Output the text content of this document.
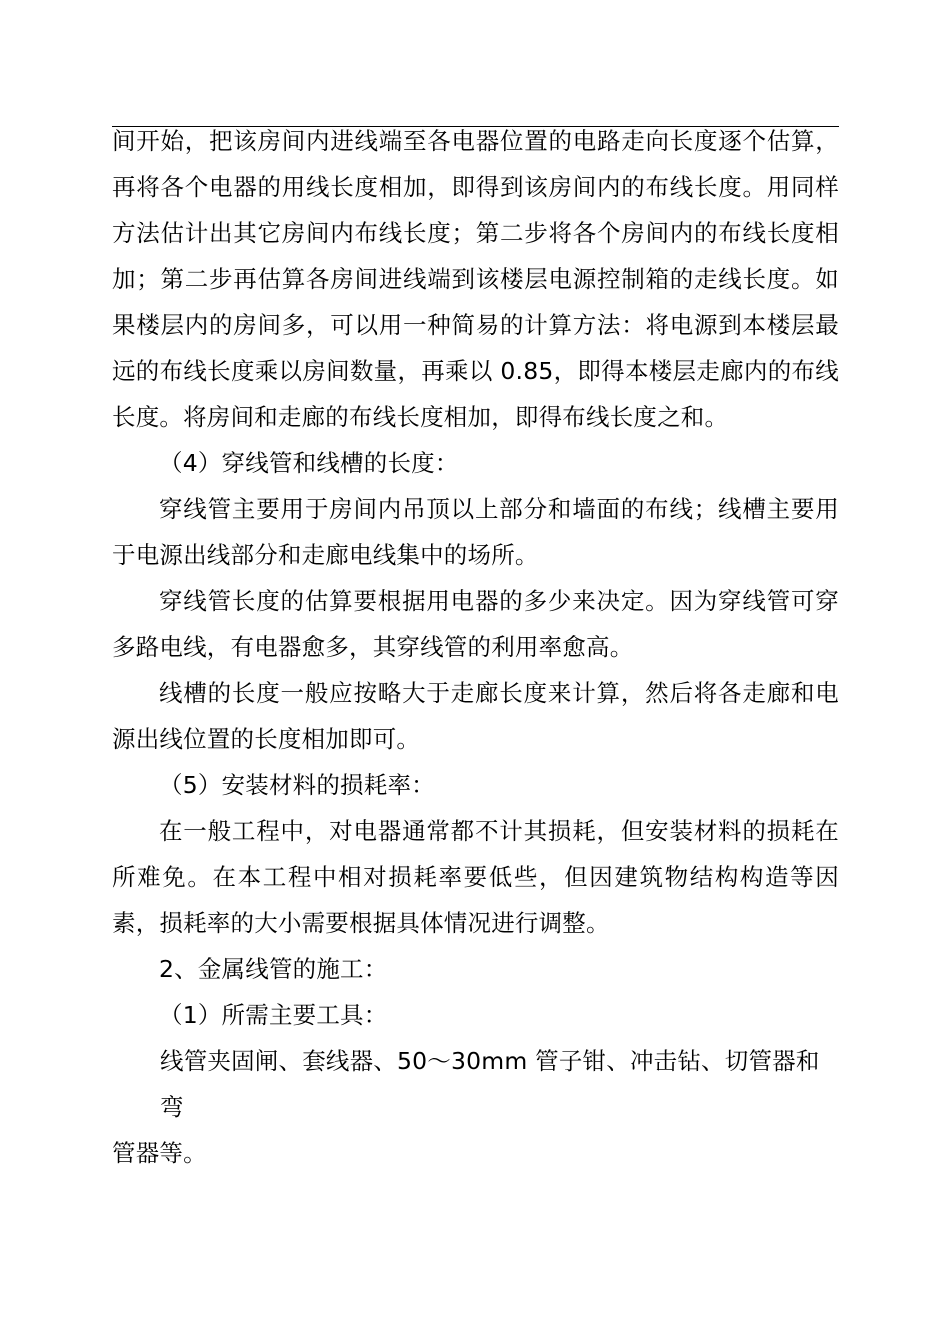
间开始，把该房间内进线端至各电器位置的电路走向长度逐个估算，再将各个电器的用线长度相加，即得到该房间内的布线长度。用同样方法估计出其它房间内布线长度；第二步将各个房间内的布线长度相加；第二步再估算各房间进线端到该楼层电源控制箱的走线长度。如果楼层内的房间多，可以用一种简易的计算方法：将电源到本楼层最远的布线长度乘以房间数量，再乘以 0.85，即得本楼层走廊内的布线长度。将房间和走廊的布线长度相加，即得布线长度之和。

（4）穿线管和线槽的长度：

穿线管主要用于房间内吊顶以上部分和墙面的布线；线槽主要用于电源出线部分和走廊电线集中的场所。

穿线管长度的估算要根据用电器的多少来决定。因为穿线管可穿多路电线，有电器愈多，其穿线管的利用率愈高。

线槽的长度一般应按略大于走廊长度来计算，然后将各走廊和电源出线位置的长度相加即可。

（5）安装材料的损耗率：

在一般工程中，对电器通常都不计其损耗，但安装材料的损耗在所难免。在本工程中相对损耗率要低些，但因建筑物结构构造等因素，损耗率的大小需要根据具体情况进行调整。

2、金属线管的施工：

（1）所需主要工具：

线管夹固闸、套线器、50～30mm 管子钳、冲击钻、切管器和弯

管器等。
